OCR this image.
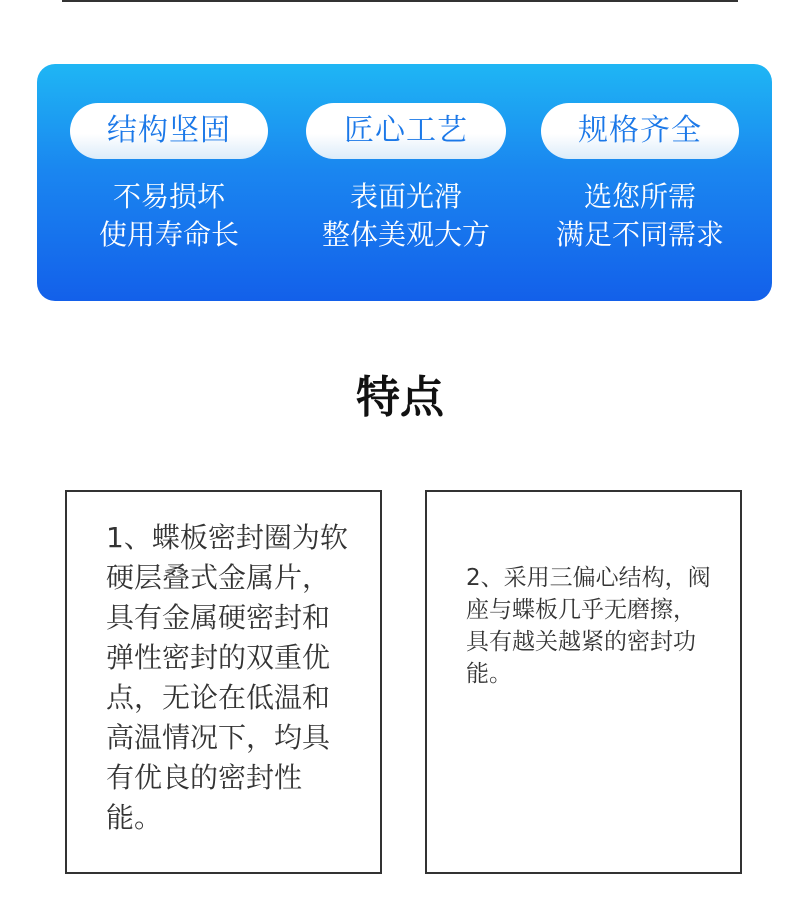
结构坚固
不易损坏
使用寿命长
匠心工艺
表面光滑
整体美观大方
规格齐全
选您所需
满足不同需求
特点
1、蝶板密封圈为软硬层叠式金属片，具有金属硬密封和弹性密封的双重优点，无论在低温和高温情况下，均具有优良的密封性能。
2、采用三偏心结构，阀座与蝶板几乎无磨擦，具有越关越紧的密封功能。
